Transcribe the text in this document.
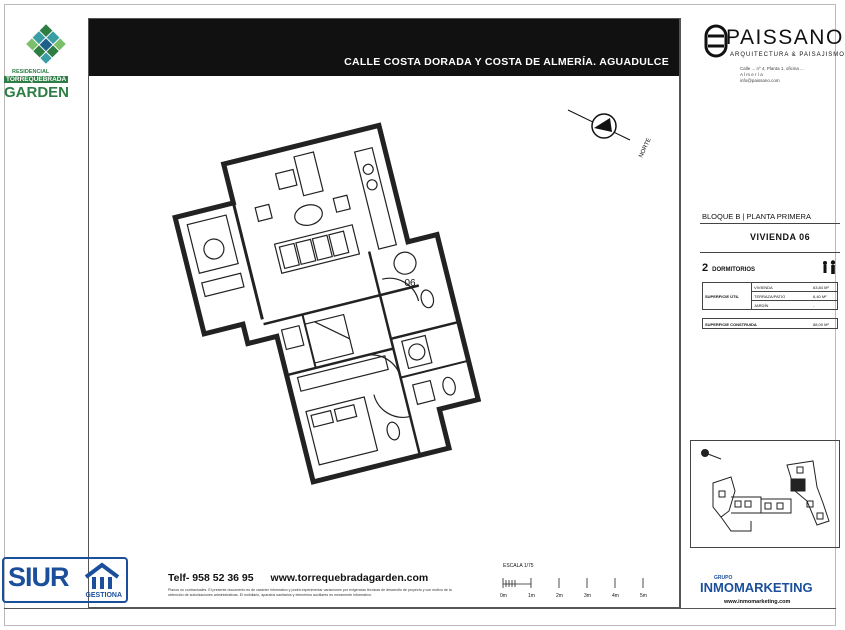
CALLE COSTA DORADA Y COSTA DE ALMERÍA. AGUADULCE
RESIDENCIAL
TORREQUEBRADA
GARDEN
PAISSANO
ARQUITECTURA & PAISAJISMO
Calle ... nº 4, Planta 1, oficina ...
A l m e r í a
info@paissano.com
BLOQUE B | PLANTA PRIMERA
VIVIENDA 06
2 DORMITORIOS
SUPERFICIE ÚTIL
VIVIENDA	63,84 M²
TERRAZA/PATIO	6,40 M²
JARDÍN	-
SUPERFICIE CONSTRUIDA	88,00 M²
06
NORTE
SIUR
GESTIONA
Telf- 958 52 36 95 www.torrequebradagarden.com
Planos no contractuales. El presente documento es de carácter informativo y podrá experimentar variaciones por exigencias técnicas de desarrollo de proyecto y con motivo de la obtención de autorizaciones administrativas. El mobiliario, aparatos sanitarios y elementos auxiliares es meramente informativo.
ESCALA 1/75
0m	1m	2m	3m	4m	5m
GRUPO
INMOMARKETING
www.inmomarketing.com
